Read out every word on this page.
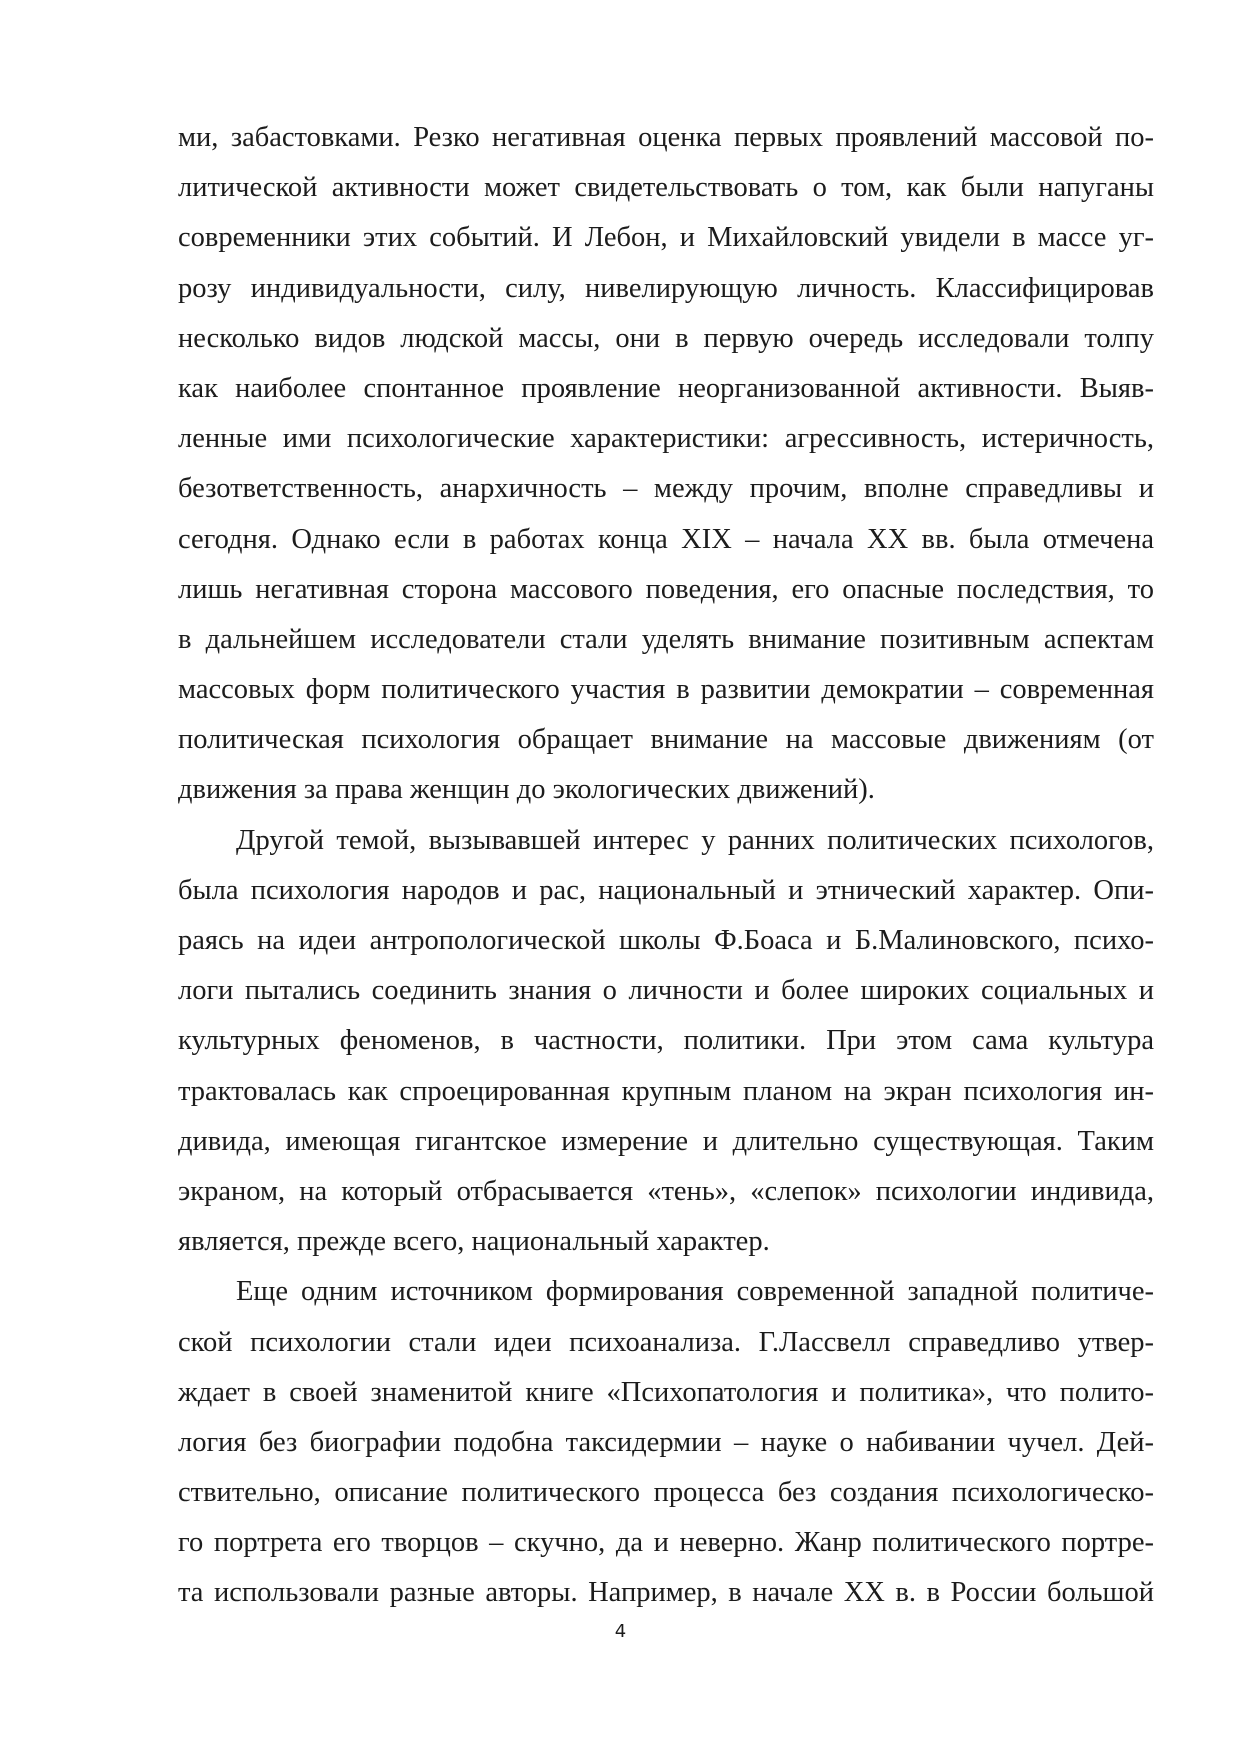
ми, забастовками. Резко негативная оценка первых проявлений массовой по-
литической активности может свидетельствовать о том, как были напуганы
современники этих событий. И Лебон, и Михайловский увидели в массе уг-
розу индивидуальности, силу, нивелирующую личность. Классифицировав
несколько видов людской массы, они в первую очередь исследовали толпу
как наиболее спонтанное проявление неорганизованной активности. Выяв-
ленные ими психологические характеристики: агрессивность, истеричность,
безответственность, анархичность – между прочим, вполне справедливы и
сегодня. Однако если в работах конца XIX – начала XX вв. была отмечена
лишь негативная сторона массового поведения, его опасные последствия, то
в дальнейшем исследователи стали уделять внимание позитивным аспектам
массовых форм политического участия в развитии демократии – современная
политическая психология обращает внимание на массовые движениям (от
движения за права женщин до экологических движений).
Другой темой, вызывавшей интерес у ранних политических психологов,
была психология народов и рас, национальный и этнический характер. Опи-
раясь на идеи антропологической школы Ф.Боаса и Б.Малиновского, психо-
логи пытались соединить знания о личности и более широких социальных и
культурных феноменов, в частности, политики. При этом сама культура
трактовалась как спроецированная крупным планом на экран психология ин-
дивида, имеющая гигантское измерение и длительно существующая. Таким
экраном, на который отбрасывается «тень», «слепок» психологии индивида,
является, прежде всего, национальный характер.
Еще одним источником формирования современной западной политиче-
ской психологии стали идеи психоанализа. Г.Лассвелл справедливо утвер-
ждает в своей знаменитой книге «Психопатология и политика», что полито-
логия без биографии подобна таксидермии – науке о набивании чучел. Дей-
ствительно, описание политического процесса без создания психологическо-
го портрета его творцов – скучно, да и неверно. Жанр политического портре-
та использовали разные авторы. Например, в начале XX в. в России большой
4
